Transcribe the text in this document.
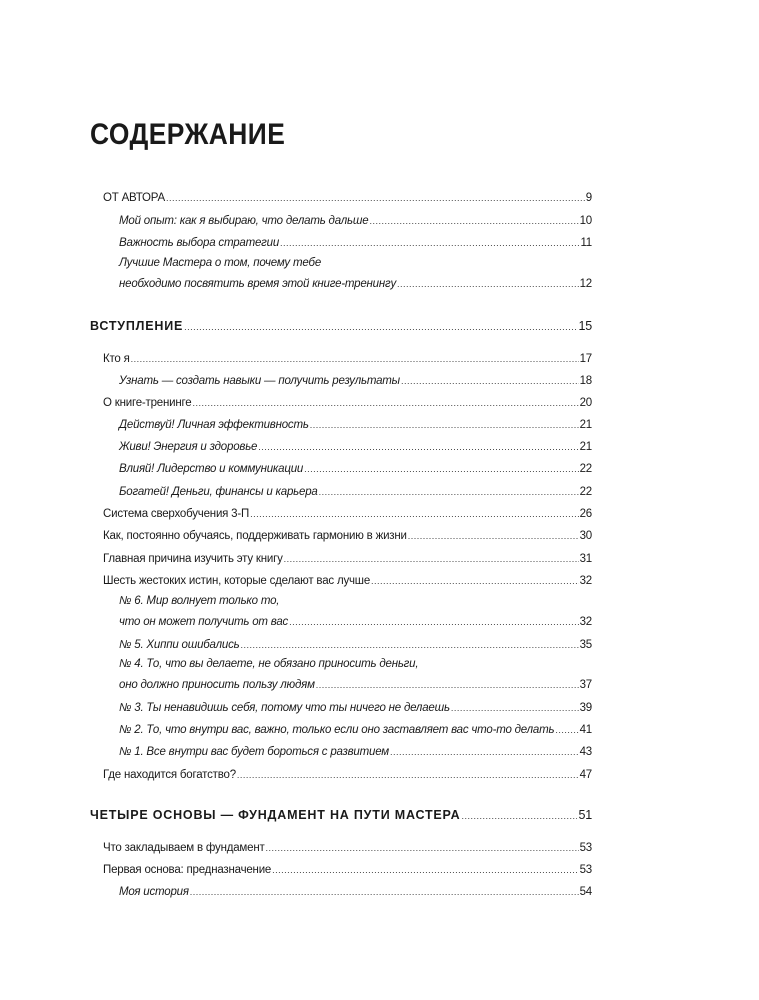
СОДЕРЖАНИЕ
ОТ АВТОРА .....	9
Мой опыт: как я выбираю, что делать дальше .....	10
Важность выбора стратегии .....	11
Лучшие Мастера о том, почему тебе
необходимо посвятить время этой книге-тренингу .....	12
ВСТУПЛЕНИЕ .....	15
Кто я .....	17
Узнать — создать навыки — получить результаты .....	18
О книге-тренинге .....	20
Действуй! Личная эффективность .....	21
Живи! Энергия и здоровье .....	21
Влияй! Лидерство и коммуникации .....	22
Богатей! Деньги, финансы и карьера .....	22
Система сверхобучения 3-П .....	26
Как, постоянно обучаясь, поддерживать гармонию в жизни .....	30
Главная причина изучить эту книгу .....	31
Шесть жестоких истин, которые сделают вас лучше .....	32
№ 6. Мир волнует только то,
что он может получить от вас .....	32
№ 5. Хиппи ошибались .....	35
№ 4. То, что вы делаете, не обязано приносить деньги,
оно должно приносить пользу людям .....	37
№ 3. Ты ненавидишь себя, потому что ты ничего не делаешь .....	39
№ 2. То, что внутри вас, важно, только если оно заставляет вас что-то делать ..... 41
№ 1. Все внутри вас будет бороться с развитием .....	43
Где находится богатство? .....	47
ЧЕТЫРЕ ОСНОВЫ — ФУНДАМЕНТ НА ПУТИ МАСТЕРА .....	51
Что закладываем в фундамент .....	53
Первая основа: предназначение .....	53
Моя история .....	54
